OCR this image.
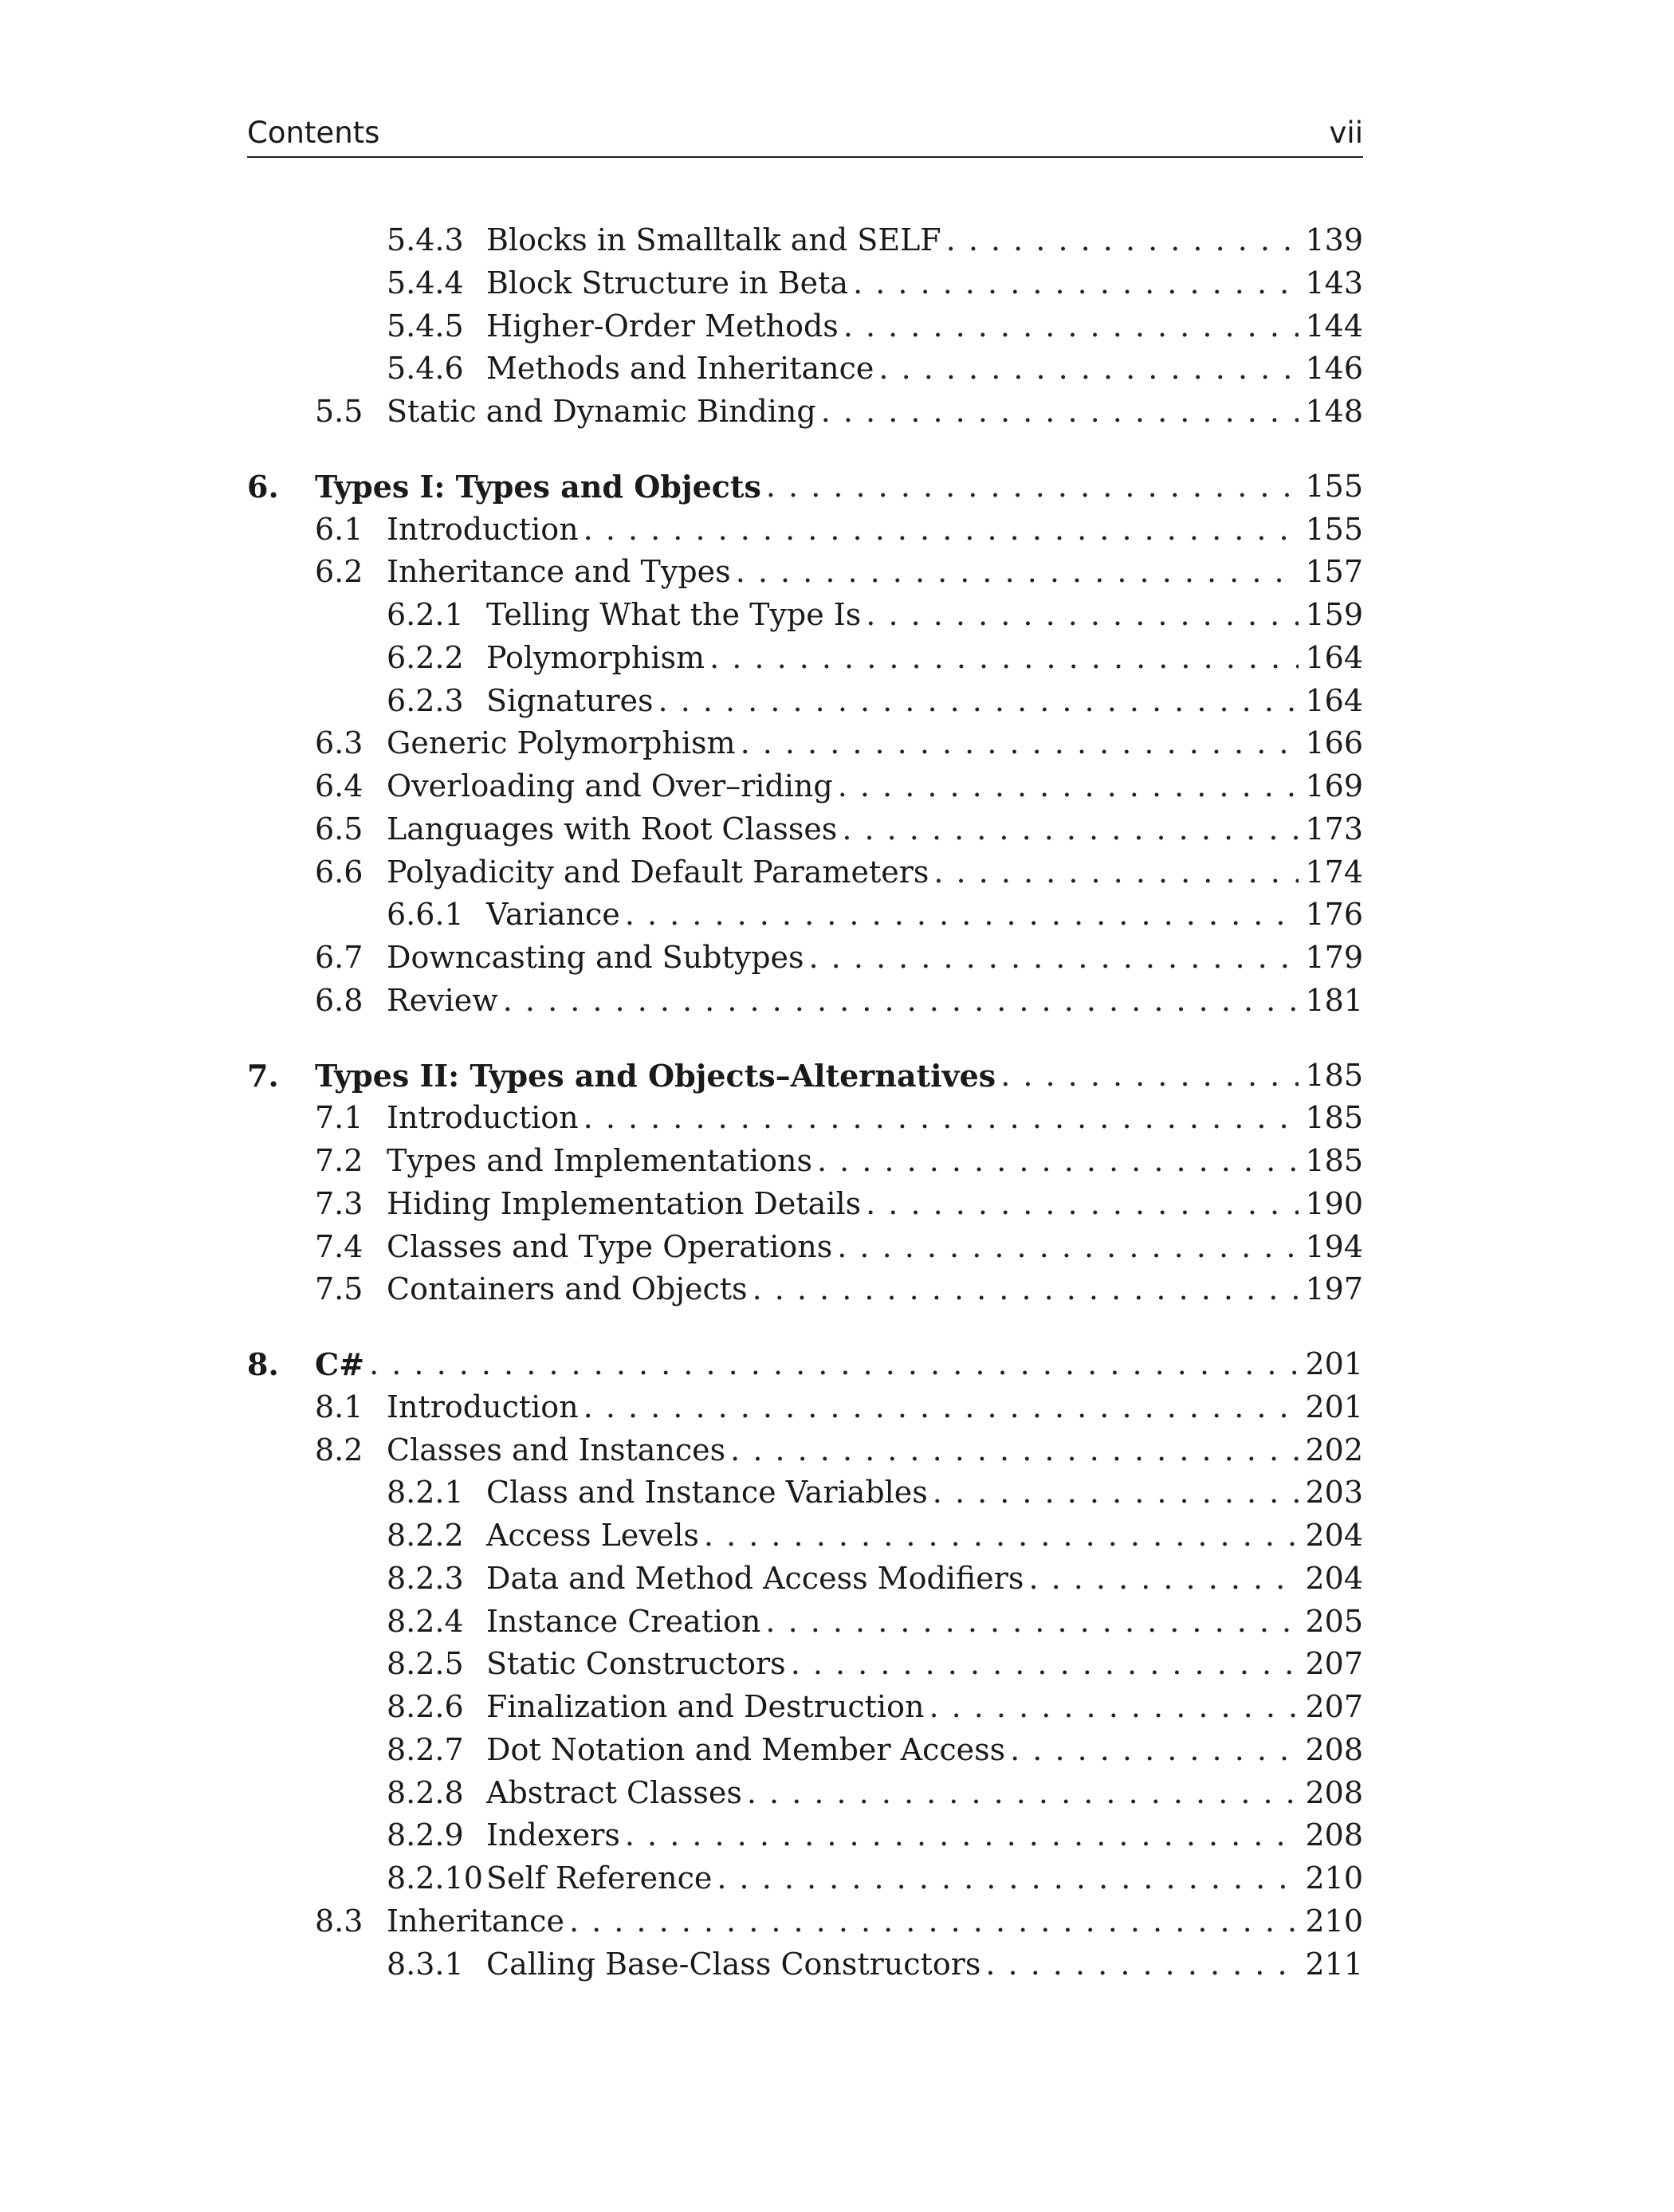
Contents	vii
5.4.3 Blocks in Smalltalk and SELF . . .	139
5.4.4 Block Structure in Beta . . .	143
5.4.5 Higher-Order Methods . . .	144
5.4.6 Methods and Inheritance . . .	146
5.5 Static and Dynamic Binding . . .	148
6. Types I: Types and Objects . . .	155
6.1 Introduction . . .	155
6.2 Inheritance and Types . . .	157
6.2.1 Telling What the Type Is . . .	159
6.2.2 Polymorphism . . .	164
6.2.3 Signatures . . .	164
6.3 Generic Polymorphism . . .	166
6.4 Overloading and Over–riding . . .	169
6.5 Languages with Root Classes . . .	173
6.6 Polyadicity and Default Parameters . . .	174
6.6.1 Variance . . .	176
6.7 Downcasting and Subtypes . . .	179
6.8 Review . . .	181
7. Types II: Types and Objects–Alternatives . . .	185
7.1 Introduction . . .	185
7.2 Types and Implementations . . .	185
7.3 Hiding Implementation Details . . .	190
7.4 Classes and Type Operations . . .	194
7.5 Containers and Objects . . .	197
8. C# . . .	201
8.1 Introduction . . .	201
8.2 Classes and Instances . . .	202
8.2.1 Class and Instance Variables . . .	203
8.2.2 Access Levels . . .	204
8.2.3 Data and Method Access Modifiers . . .	204
8.2.4 Instance Creation . . .	205
8.2.5 Static Constructors . . .	207
8.2.6 Finalization and Destruction . . .	207
8.2.7 Dot Notation and Member Access . . .	208
8.2.8 Abstract Classes . . .	208
8.2.9 Indexers . . .	208
8.2.10 Self Reference . . .	210
8.3 Inheritance . . .	210
8.3.1 Calling Base-Class Constructors . . .	211
